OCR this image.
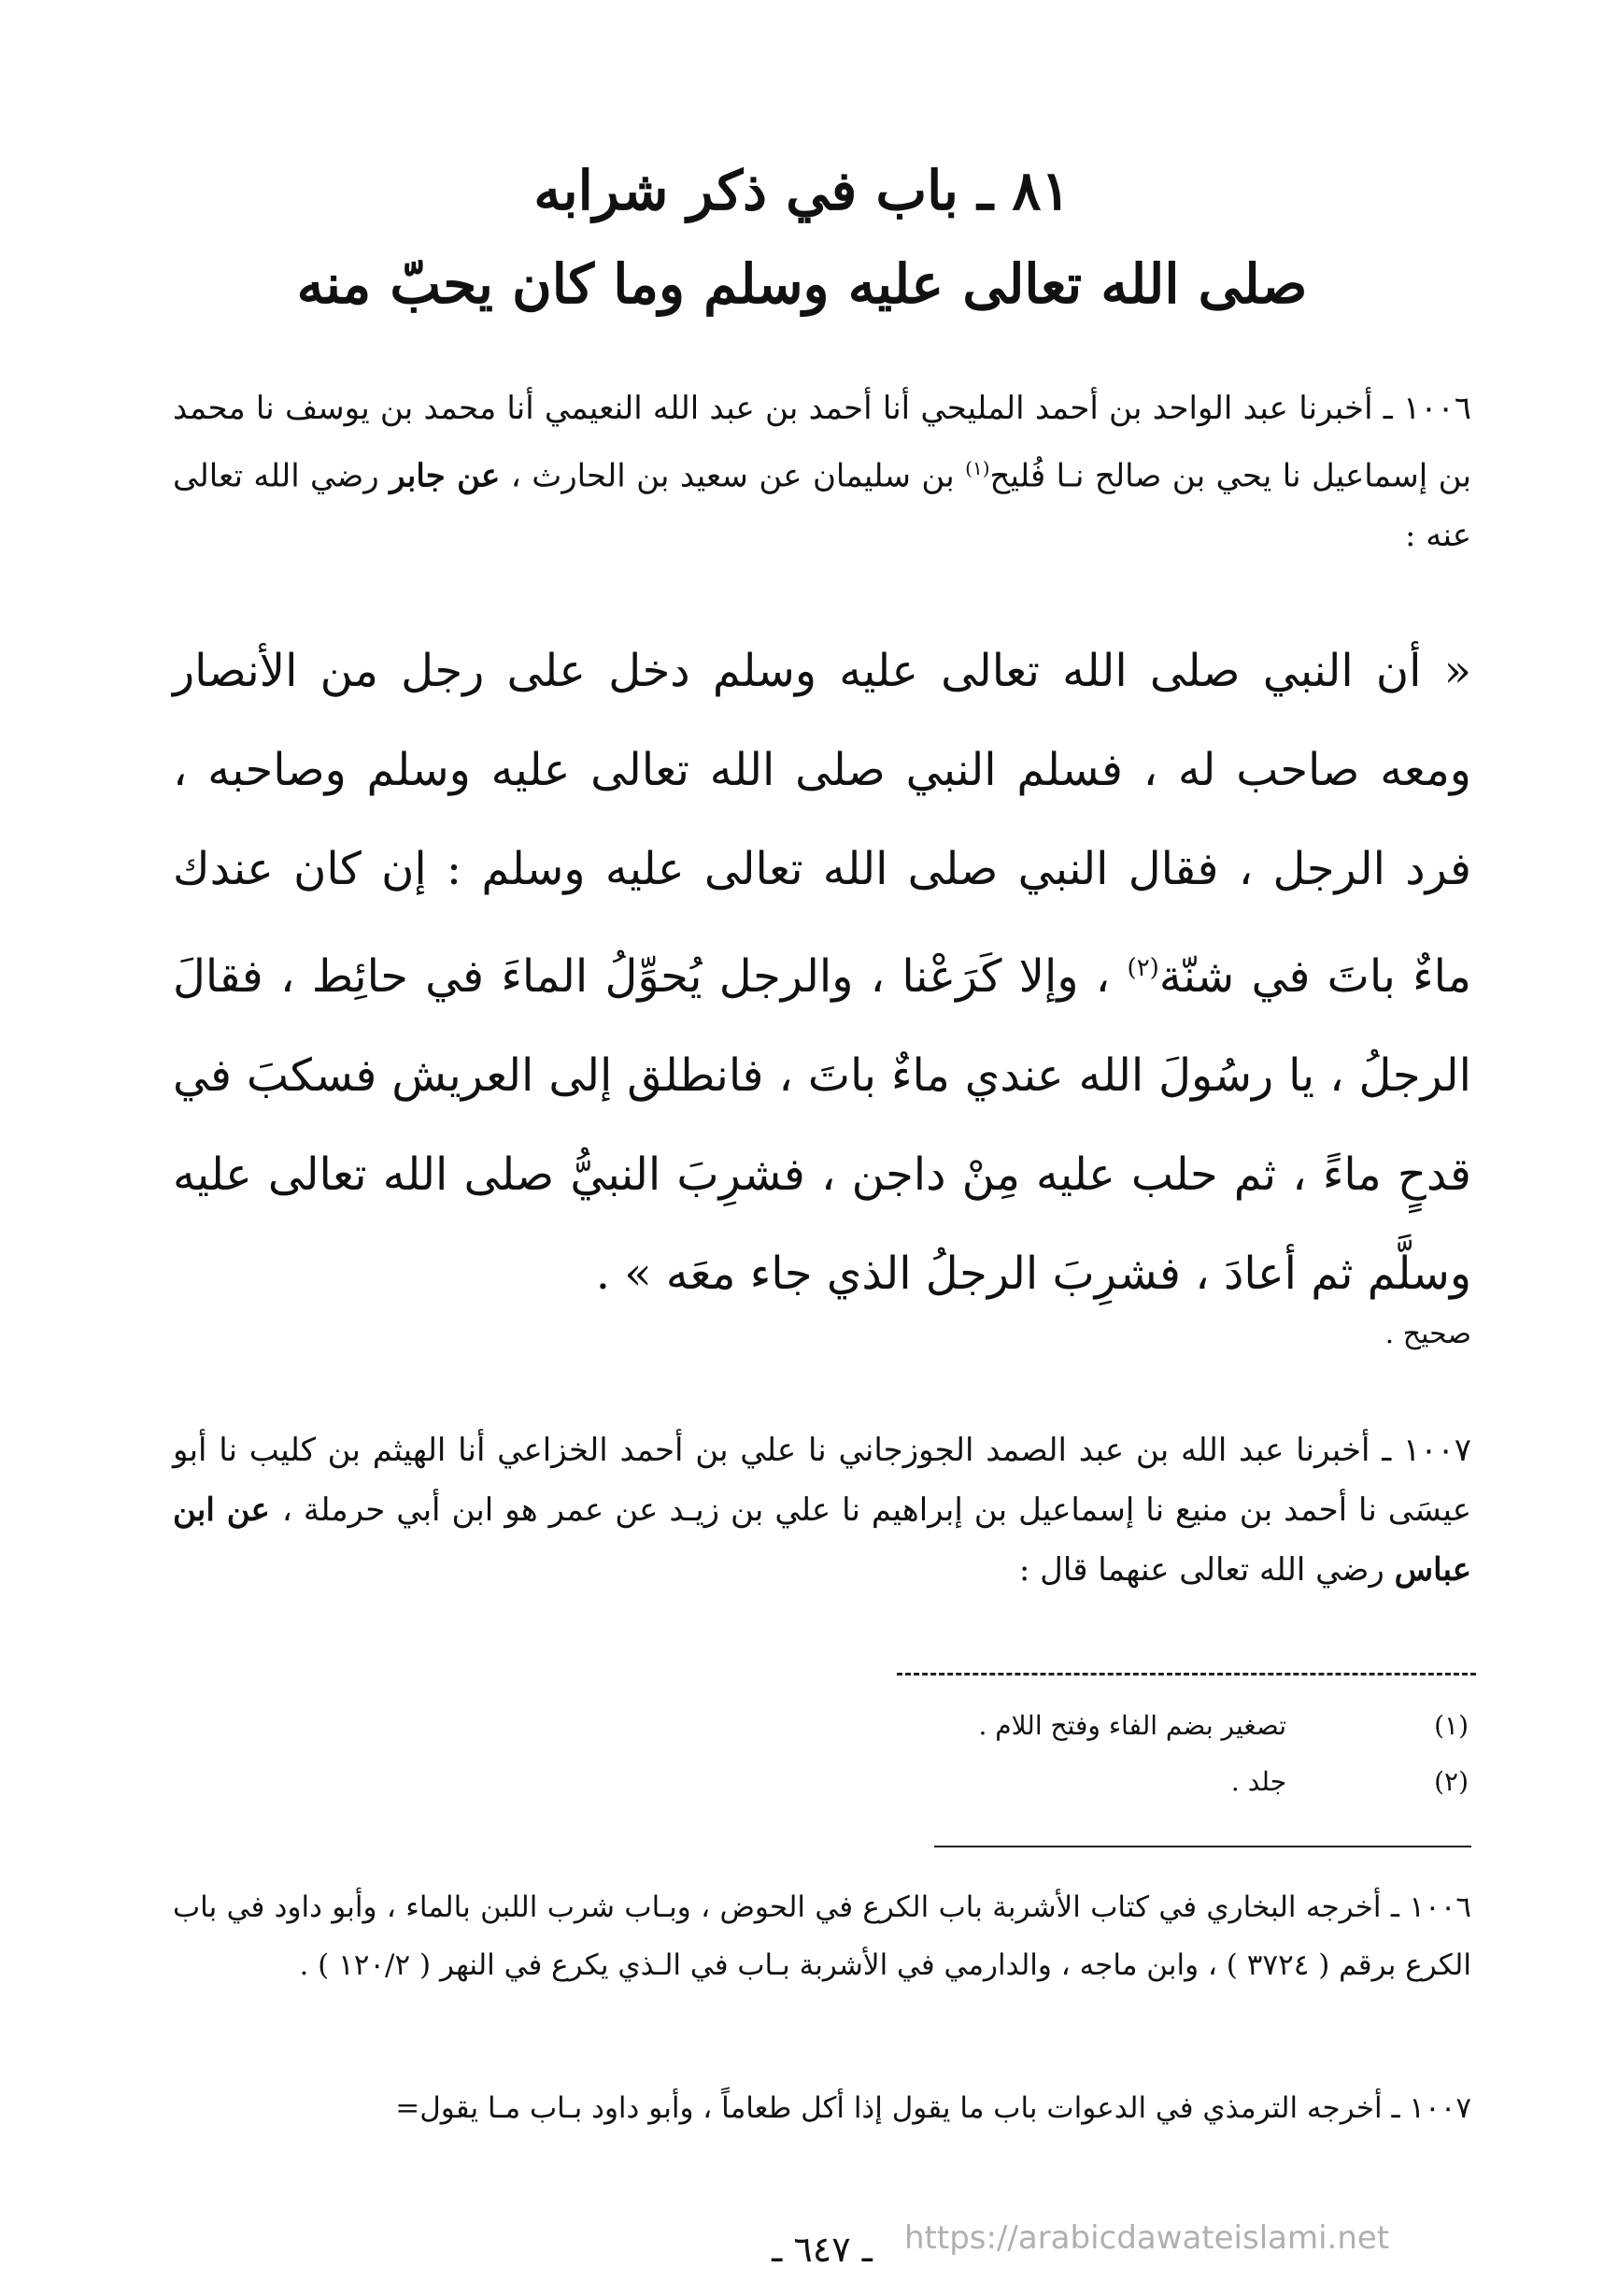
٨١ ـ باب في ذكر شرابه
صلى الله تعالى عليه وسلم وما كان يحبّ منه
١٠٠٦ ـ أخبرنا عبد الواحد بن أحمد المليحي أنا أحمد بن عبد الله النعيمي أنا محمد بن يوسف نا محمد بن إسماعيل نا يحي بن صالح نـا فُليح$^{(١)}$ بن سليمان عن سعيد بن الحارث ، عن جابر رضي الله تعالى عنه :
« أن النبي صلى الله تعالى عليه وسلم دخل على رجل من الأنصار ومعه صاحب له ، فسلم النبي صلى الله تعالى عليه وسلم وصاحبه ، فرد الرجل ، فقال النبي صلى الله تعالى عليه وسلم : إن كان عندك ماءٌ باتَ في شنّة$^{(٢)}$ ، وإلا كَرَعْنا ، والرجل يُحوِّلُ الماءَ في حائِط ، فقالَ الرجلُ ، يا رسُولَ الله عندي ماءٌ باتَ ، فانطلق إلى العريش فسكبَ في قدحٍ ماءً ، ثم حلب عليه مِنْ داجن ، فشرِبَ النبيُّ صلى الله تعالى عليه وسلَّم ثم أعادَ ، فشرِبَ الرجلُ الذي جاء معَه » .
صحيح .
١٠٠٧ ـ أخبرنا عبد الله بن عبد الصمد الجوزجاني نا علي بن أحمد الخزاعي أنا الهيثم بن كليب نا أبو عيسَى نا أحمد بن منيع نا إسماعيل بن إبراهيم نا علي بن زيـد عن عمر هو ابن أبي حرملة ، عن ابن عباس رضي الله تعالى عنهما قال :
(١)
تصغير بضم الفاء وفتح اللام .
(٢)
جلد .
١٠٠٦ ـ أخرجه البخاري في كتاب الأشربة باب الكرع في الحوض ، وبـاب شرب اللبن بالماء ، وأبو داود في باب الكرع برقم ( ٣٧٢٤ ) ، وابن ماجه ، والدارمي في الأشربة بـاب في الـذي يكرع في النهر ( ١٢٠/٢ ) .
١٠٠٧ ـ أخرجه الترمذي في الدعوات باب ما يقول إذا أكل طعاماً ، وأبو داود بـاب مـا يقول=
ـ ٦٤٧ ـ	https://arabicdawateislami.net
